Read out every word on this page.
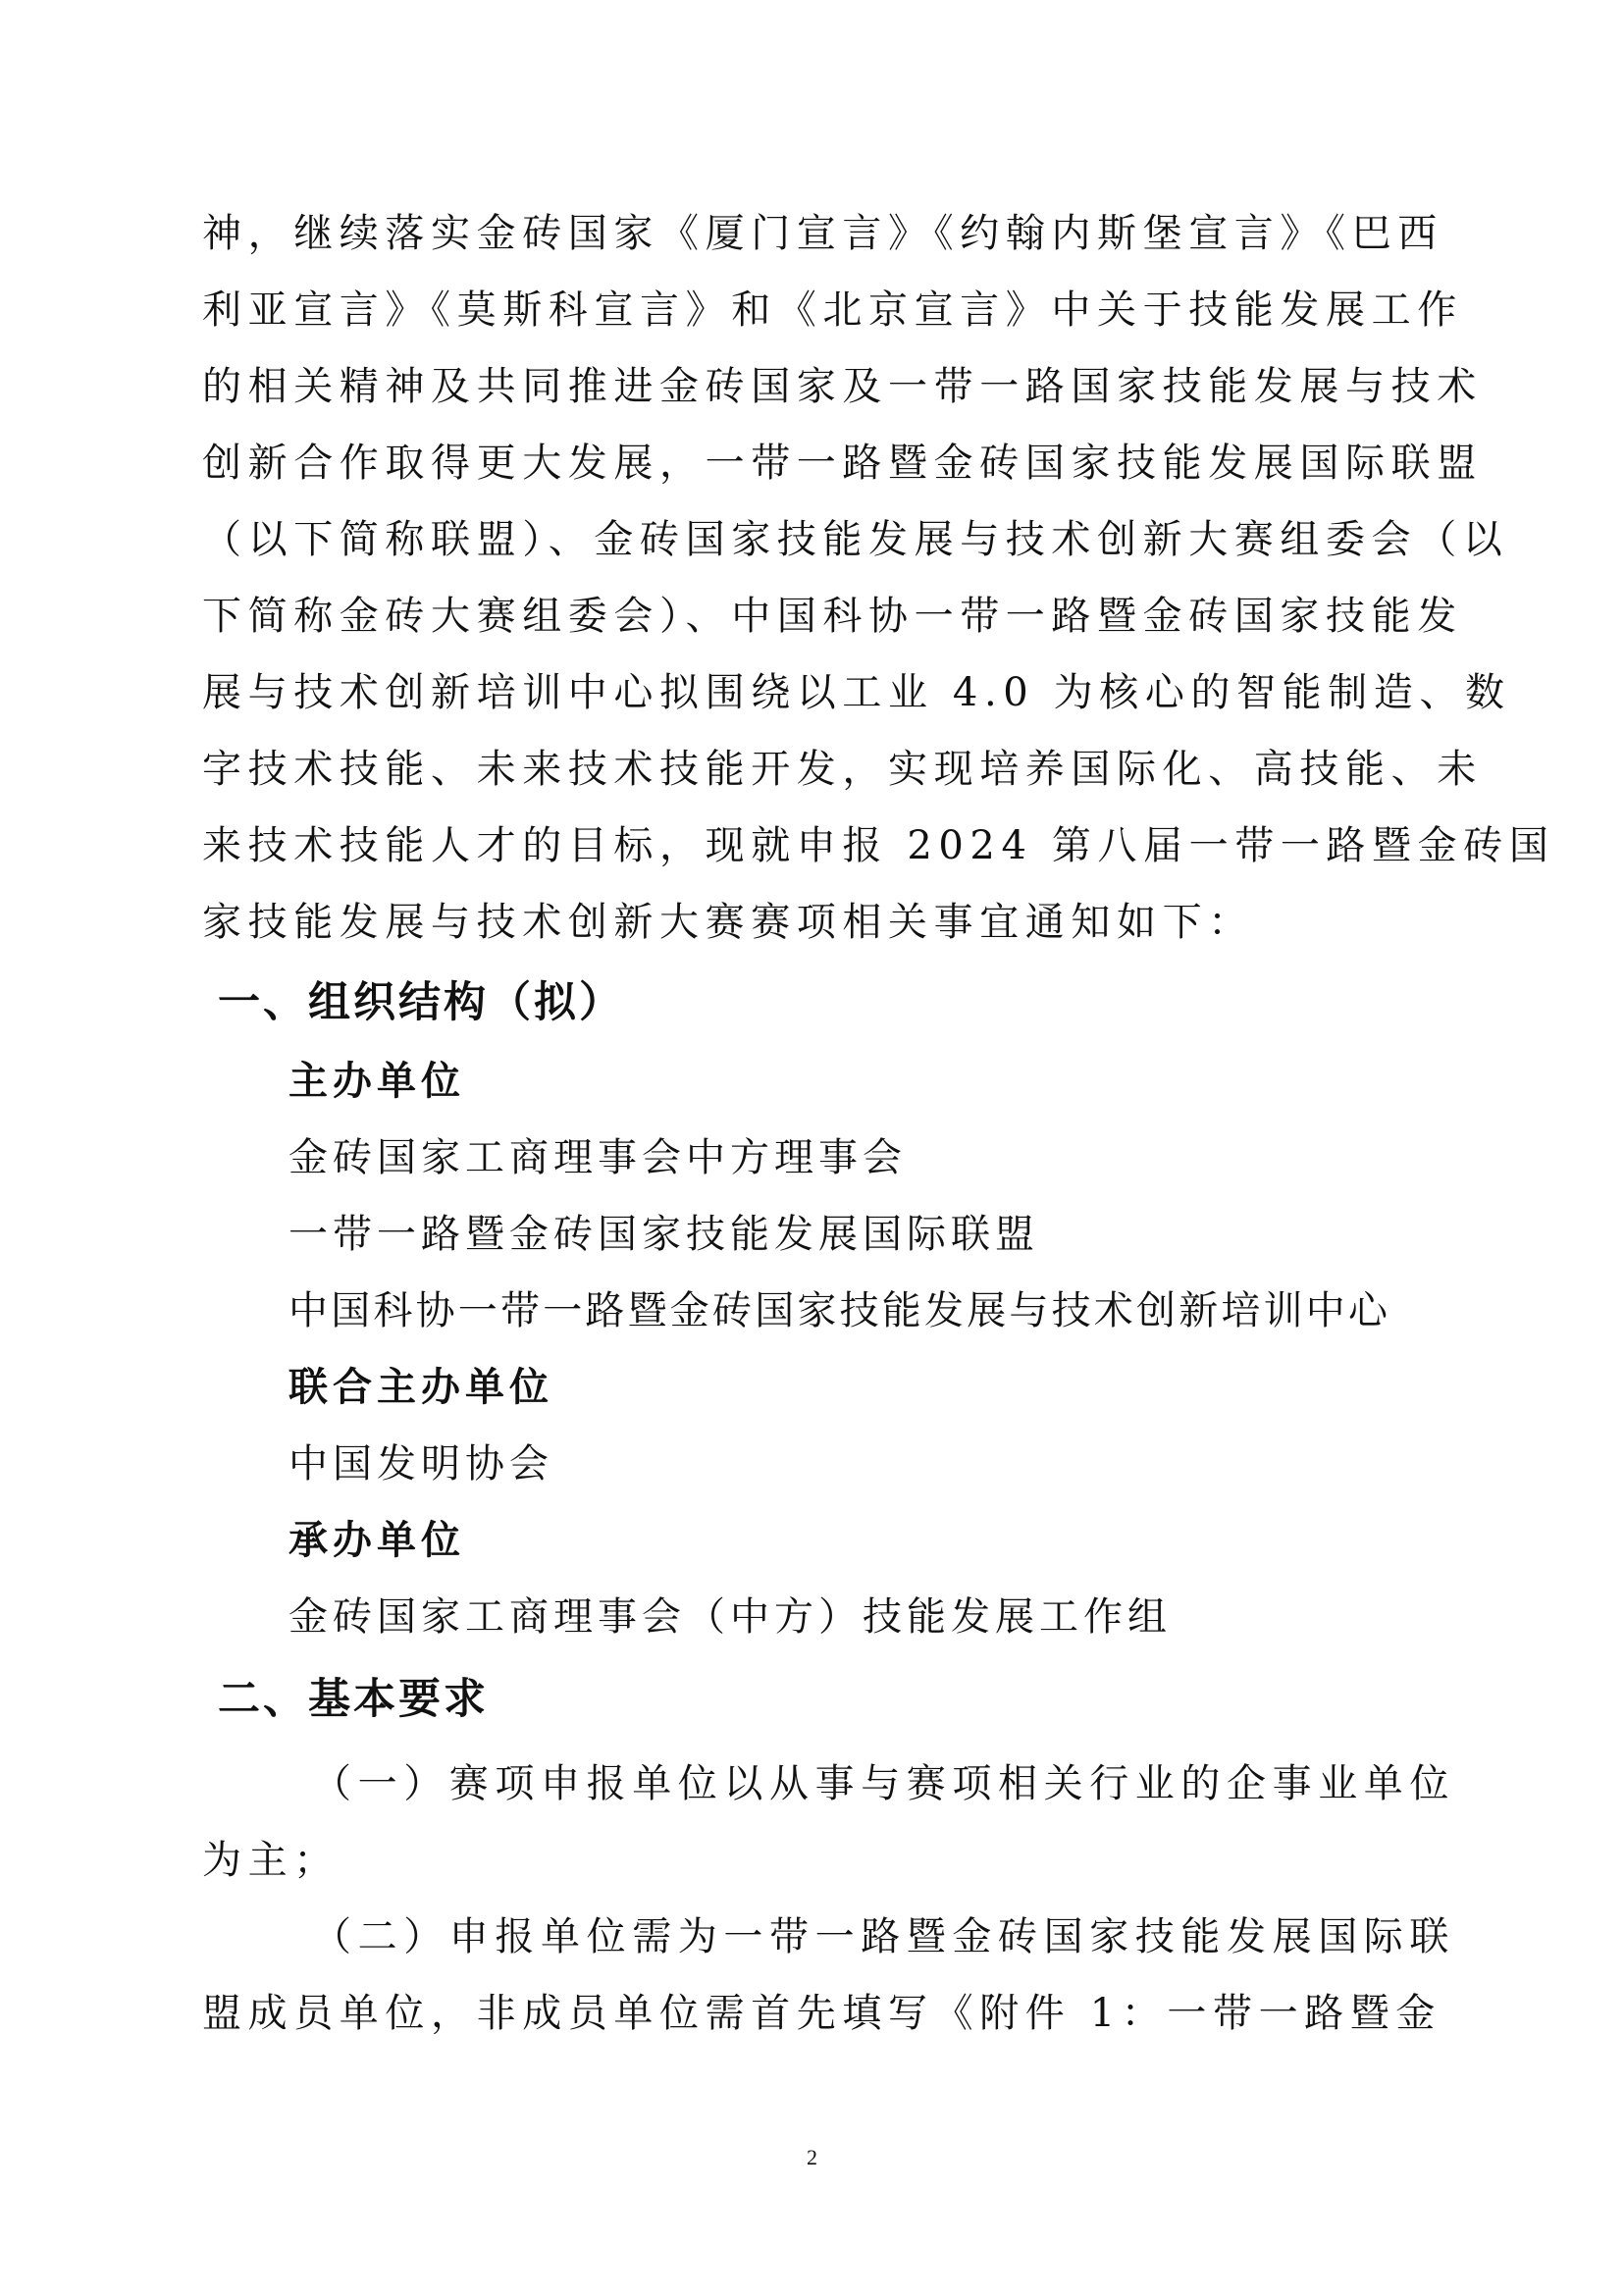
神，继续落实金砖国家《厦门宣言》《约翰内斯堡宣言》《巴西
利亚宣言》《莫斯科宣言》和《北京宣言》中关于技能发展工作
的相关精神及共同推进金砖国家及一带一路国家技能发展与技术
创新合作取得更大发展，一带一路暨金砖国家技能发展国际联盟
（以下简称联盟）、金砖国家技能发展与技术创新大赛组委会（以
下简称金砖大赛组委会）、中国科协一带一路暨金砖国家技能发
展与技术创新培训中心拟围绕以工业 4.0 为核心的智能制造、数
字技术技能、未来技术技能开发，实现培养国际化、高技能、未
来技术技能人才的目标，现就申报 2024 第八届一带一路暨金砖国
家技能发展与技术创新大赛赛项相关事宜通知如下：
一、组织结构（拟）
主办单位
金砖国家工商理事会中方理事会
一带一路暨金砖国家技能发展国际联盟
中国科协一带一路暨金砖国家技能发展与技术创新培训中心
联合主办单位
中国发明协会
承办单位
金砖国家工商理事会（中方）技能发展工作组
二、基本要求
（一）赛项申报单位以从事与赛项相关行业的企事业单位
为主；
（二）申报单位需为一带一路暨金砖国家技能发展国际联
盟成员单位，非成员单位需首先填写《附件 1：一带一路暨金
2
